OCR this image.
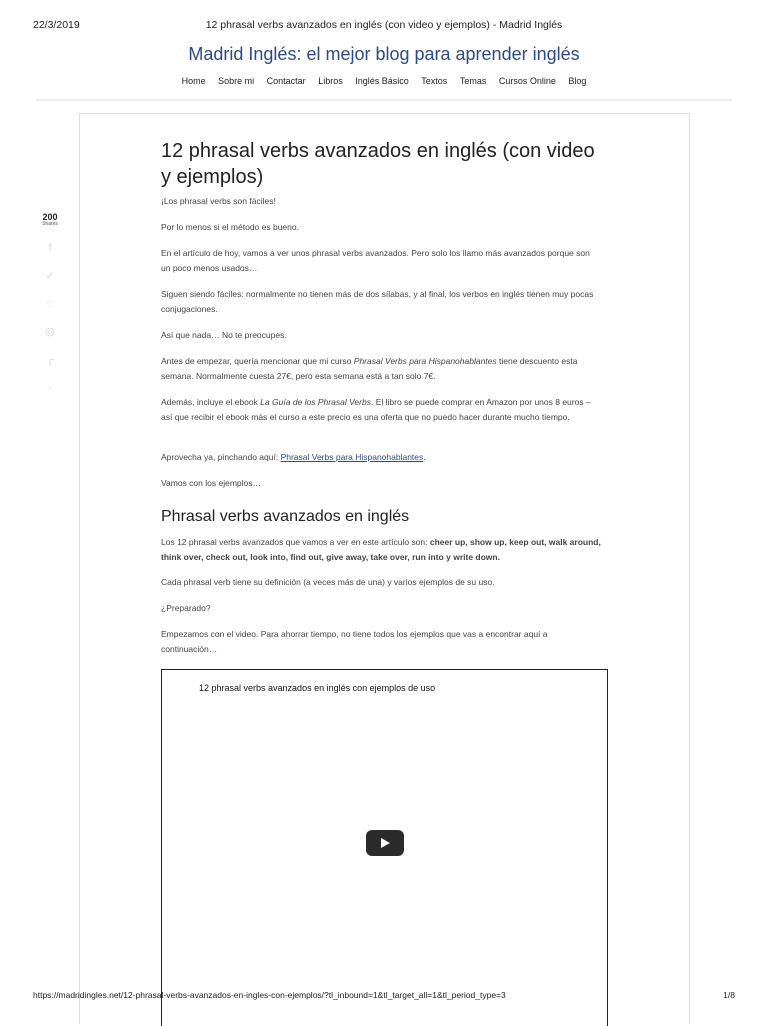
22/3/2019	12 phrasal verbs avanzados en inglés (con video y ejemplos) - Madrid Inglés
Madrid Inglés: el mejor blog para aprender inglés
Home Sobre mi Contactar Libros Inglés Básico Textos Temas Cursos Online Blog
200
Shares
f
✓
◌
◎
┌
·
12 phrasal verbs avanzados en inglés (con video y ejemplos)

¡Los phrasal verbs son fáciles!

Por lo menos si el método es bueno.

En el artículo de hoy, vamos a ver unos phrasal verbs avanzados. Pero solo los llamo más avanzados porque son un poco menos usados…

Siguen siendo fáciles: normalmente no tienen más de dos sílabas, y al final, los verbos en inglés tienen muy pocas conjugaciones.

Así que nada… No te preocupes.

Antes de empezar, quería mencionar que mi curso Phrasal Verbs para Hispanohablantes tiene descuento esta semana. Normalmente cuesta 27€, pero esta semana está a tan solo 7€.

Además, incluye el ebook La Guía de los Phrasal Verbs. El libro se puede comprar en Amazon por unos 8 euros – así que recibir el ebook más el curso a este precio es una oferta que no puedo hacer durante mucho tiempo.

Aprovecha ya, pinchando aquí: Phrasal Verbs para Hispanohablantes.

Vamos con los ejemplos…

Phrasal verbs avanzados en inglés

Los 12 phrasal verbs avanzados que vamos a ver en este artículo son: cheer up, show up, keep out, walk around, think over, check out, look into, find out, give away, take over, run into y write down.

Cada phrasal verb tiene su definición (a veces más de una) y varios ejemplos de su uso.

¿Preparado?

Empezamos con el video. Para ahorrar tiempo, no tiene todos los ejemplos que vas a encontrar aquí a continuación…

12 phrasal verbs avanzados en inglés con ejemplos de uso
https://madridingles.net/12-phrasal-verbs-avanzados-en-ingles-con-ejemplos/?tl_inbound=1&tl_target_all=1&tl_period_type=3	1/8
